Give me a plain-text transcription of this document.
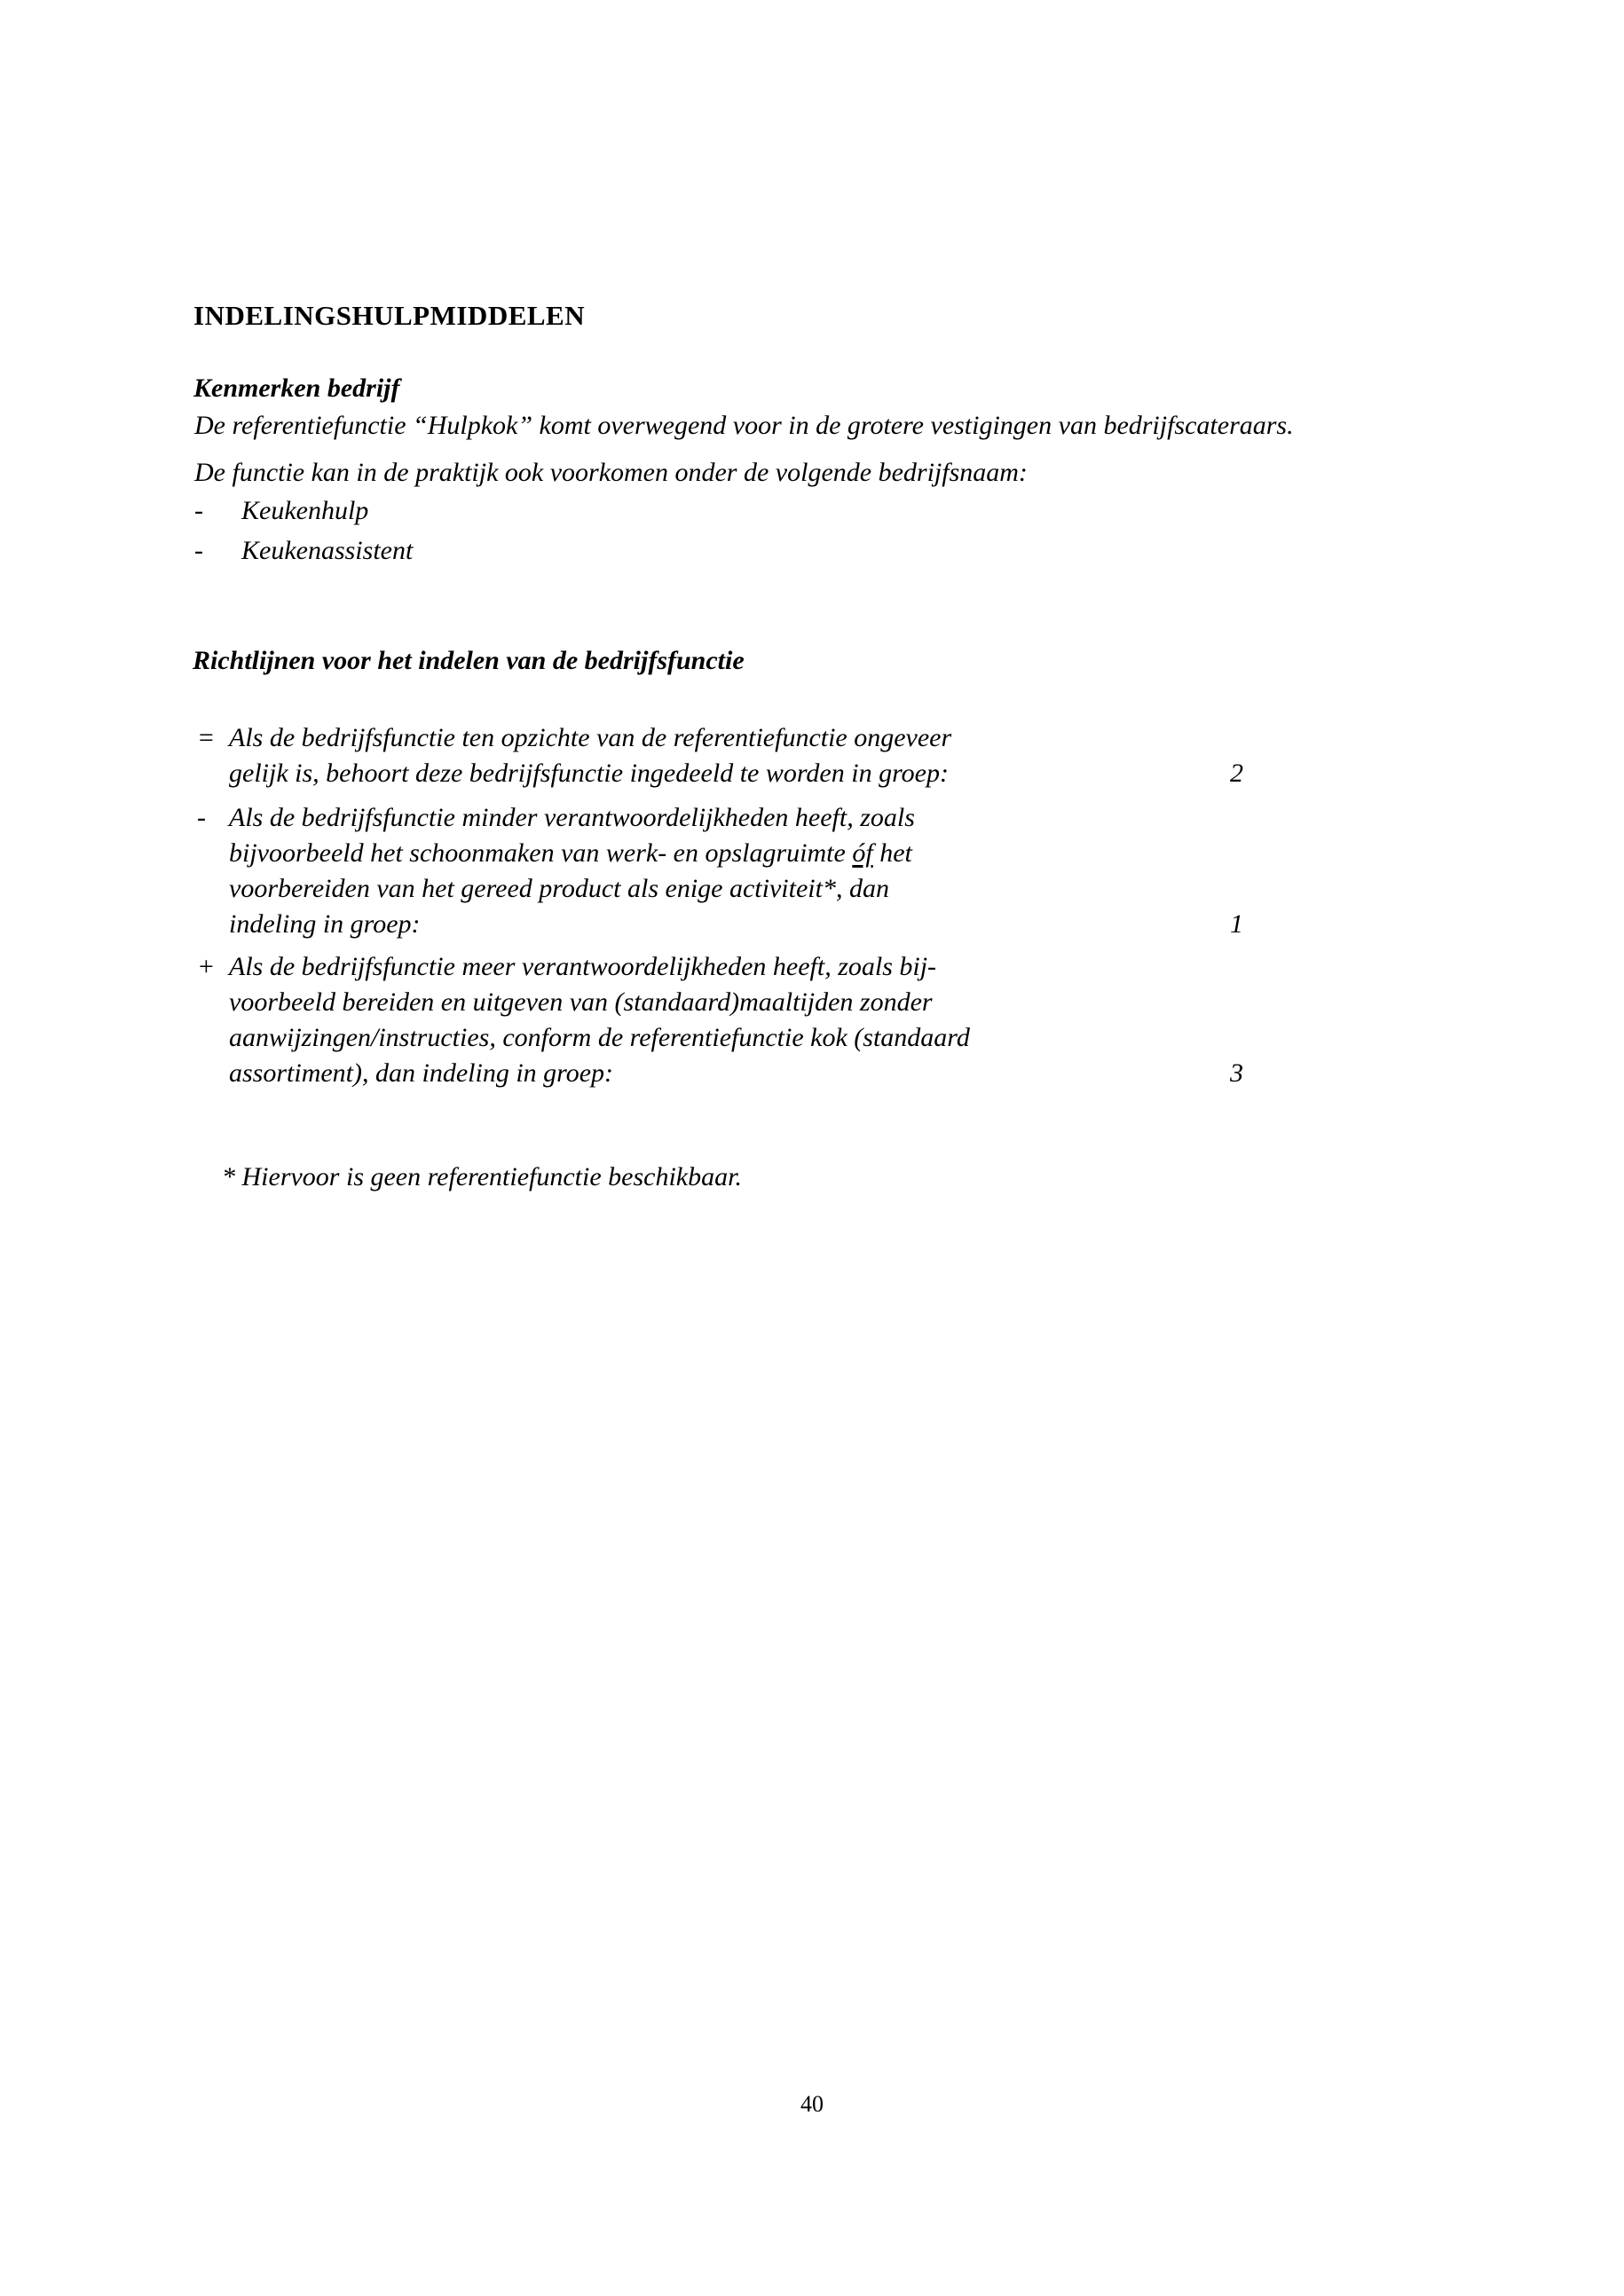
INDELINGSHULPMIDDELEN
Kenmerken bedrijf
De referentiefunctie “Hulpkok” komt overwegend voor in de grotere vestigingen van bedrijfscateraars.
De functie kan in de praktijk ook voorkomen onder de volgende bedrijfsnaam:
-	Keukenhulp
-	Keukenassistent
Richtlijnen voor het indelen van de bedrijfsfunctie
= Als de bedrijfsfunctie ten opzichte van de referentiefunctie ongeveer
gelijk is, behoort deze bedrijfsfunctie ingedeeld te worden in groep:	2
- Als de bedrijfsfunctie minder verantwoordelijkheden heeft, zoals
bijvoorbeeld het schoonmaken van werk- en opslagruimte óf het
voorbereiden van het gereed product als enige activiteit*, dan
indeling in groep:	1
+ Als de bedrijfsfunctie meer verantwoordelijkheden heeft, zoals bij-
voorbeeld bereiden en uitgeven van (standaard)maaltijden zonder
aanwijzingen/instructies, conform de referentiefunctie kok (standaard
assortiment), dan indeling in groep:	3
* Hiervoor is geen referentiefunctie beschikbaar.
40
